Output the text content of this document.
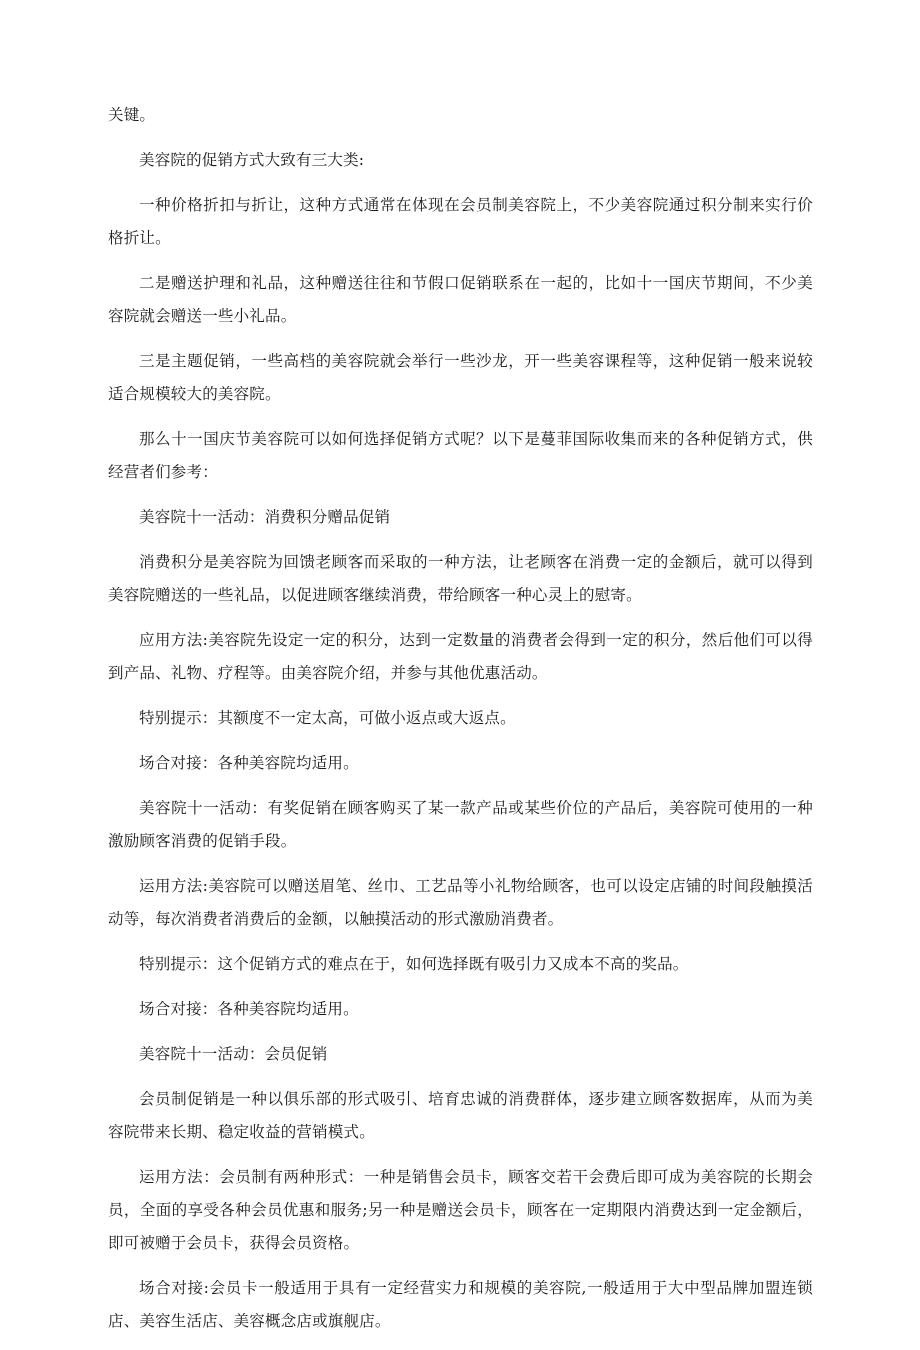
关键。

美容院的促销方式大致有三大类:

一种价格折扣与折让，这种方式通常在体现在会员制美容院上，不少美容院通过积分制来实行价格折让。

二是赠送护理和礼品，这种赠送往往和节假口促销联系在一起的，比如十一国庆节期间，不少美容院就会赠送一些小礼品。

三是主题促销，一些高档的美容院就会举行一些沙龙，开一些美容课程等，这种促销一般来说较适合规模较大的美容院。

那么十一国庆节美容院可以如何选择促销方式呢？以下是蔓菲国际收集而来的各种促销方式，供经营者们参考：

美容院十一活动：消费积分赠品促销

消费积分是美容院为回馈老顾客而采取的一种方法，让老顾客在消费一定的金额后，就可以得到美容院赠送的一些礼品，以促进顾客继续消费，带给顾客一种心灵上的慰寄。

应用方法:美容院先设定一定的积分，达到一定数量的消费者会得到一定的积分，然后他们可以得到产品、礼物、疗程等。由美容院介绍，并参与其他优惠活动。

特别提示：其额度不一定太高，可做小返点或大返点。

场合对接：各种美容院均适用。

美容院十一活动：有奖促销在顾客购买了某一款产品或某些价位的产品后，美容院可使用的一种激励顾客消费的促销手段。

运用方法:美容院可以赠送眉笔、丝巾、工艺品等小礼物给顾客，也可以设定店铺的时间段触摸活动等，每次消费者消费后的金额，以触摸活动的形式激励消费者。

特别提示：这个促销方式的难点在于，如何选择既有吸引力又成本不高的奖品。

场合对接：各种美容院均适用。

美容院十一活动：会员促销

会员制促销是一种以俱乐部的形式吸引、培育忠诚的消费群体，逐步建立顾客数据库，从而为美容院带来长期、稳定收益的营销模式。

运用方法：会员制有两种形式：一种是销售会员卡，顾客交若干会费后即可成为美容院的长期会员，全面的享受各种会员优惠和服务;另一种是赠送会员卡，顾客在一定期限内消费达到一定金额后，即可被赠于会员卡，获得会员资格。

场合对接:会员卡一般适用于具有一定经营实力和规模的美容院,一般适用于大中型品牌加盟连锁店、美容生活店、美容概念店或旗舰店。
